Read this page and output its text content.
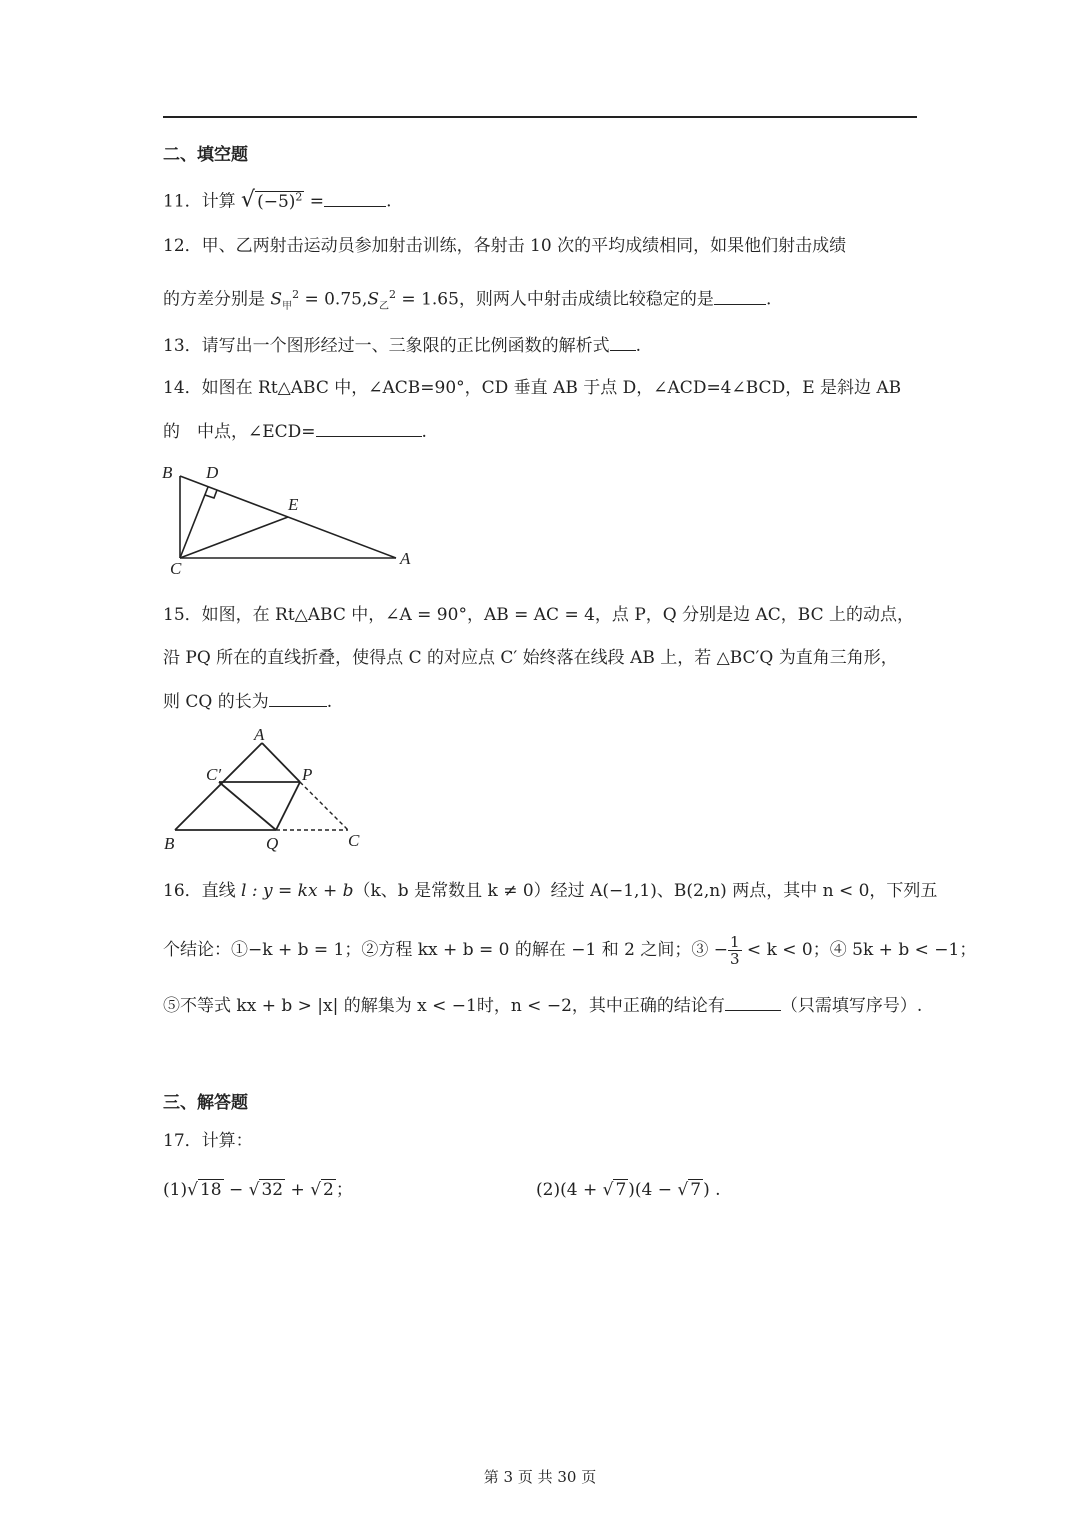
二、填空题
11．计算 √ $(-5)^2$ =	.
12．甲、乙两射击运动员参加射击训练，各射击 10 次的平均成绩相同，如果他们射击成绩
的方差分别是 $S_甲^2 = 0.75,S_乙^2 = 1.65$，则两人中射击成绩比较稳定的是	.
13．请写出一个图形经过一、三象限的正比例函数的解析式 .
14．如图在 Rt△ABC 中，∠ACB=90°，CD 垂直 AB 于点 D，∠ACD=4∠BCD，E 是斜边 AB
的　中点，∠ECD=	.
B D
E
C
A
15．如图，在 Rt△ABC 中，∠A = 90°，AB = AC = 4，点 P，Q 分别是边 AC，BC 上的动点，
沿 PQ 所在的直线折叠，使得点 C 的对应点 C′ 始终落在线段 AB 上，若 △BC′Q 为直角三角形，
则 CQ 的长为	.
A
C′	P
B	Q	C
16．直线 l : y = kx + b（k、b 是常数且 k ≠ 0）经过 A(−1,1)、B(2,n) 两点，其中 n < 0，下列五
个结论：①−k + b = 1；②方程 kx + b = 0 的解在 −1 和 2 之间；③ − $\frac{1}{3} < k < 0$；④ 5k + b < −1；
⑤不等式 kx + b > |x| 的解集为 x < −1时，n < −2，其中正确的结论有	（只需填写序号）.
三、解答题
17．计算：
(1)√ 18 − √ 32 + √ 2 ；	(2)(4 + √ 7 )(4 − √ 7 ) .
第 3 页 共 30 页
